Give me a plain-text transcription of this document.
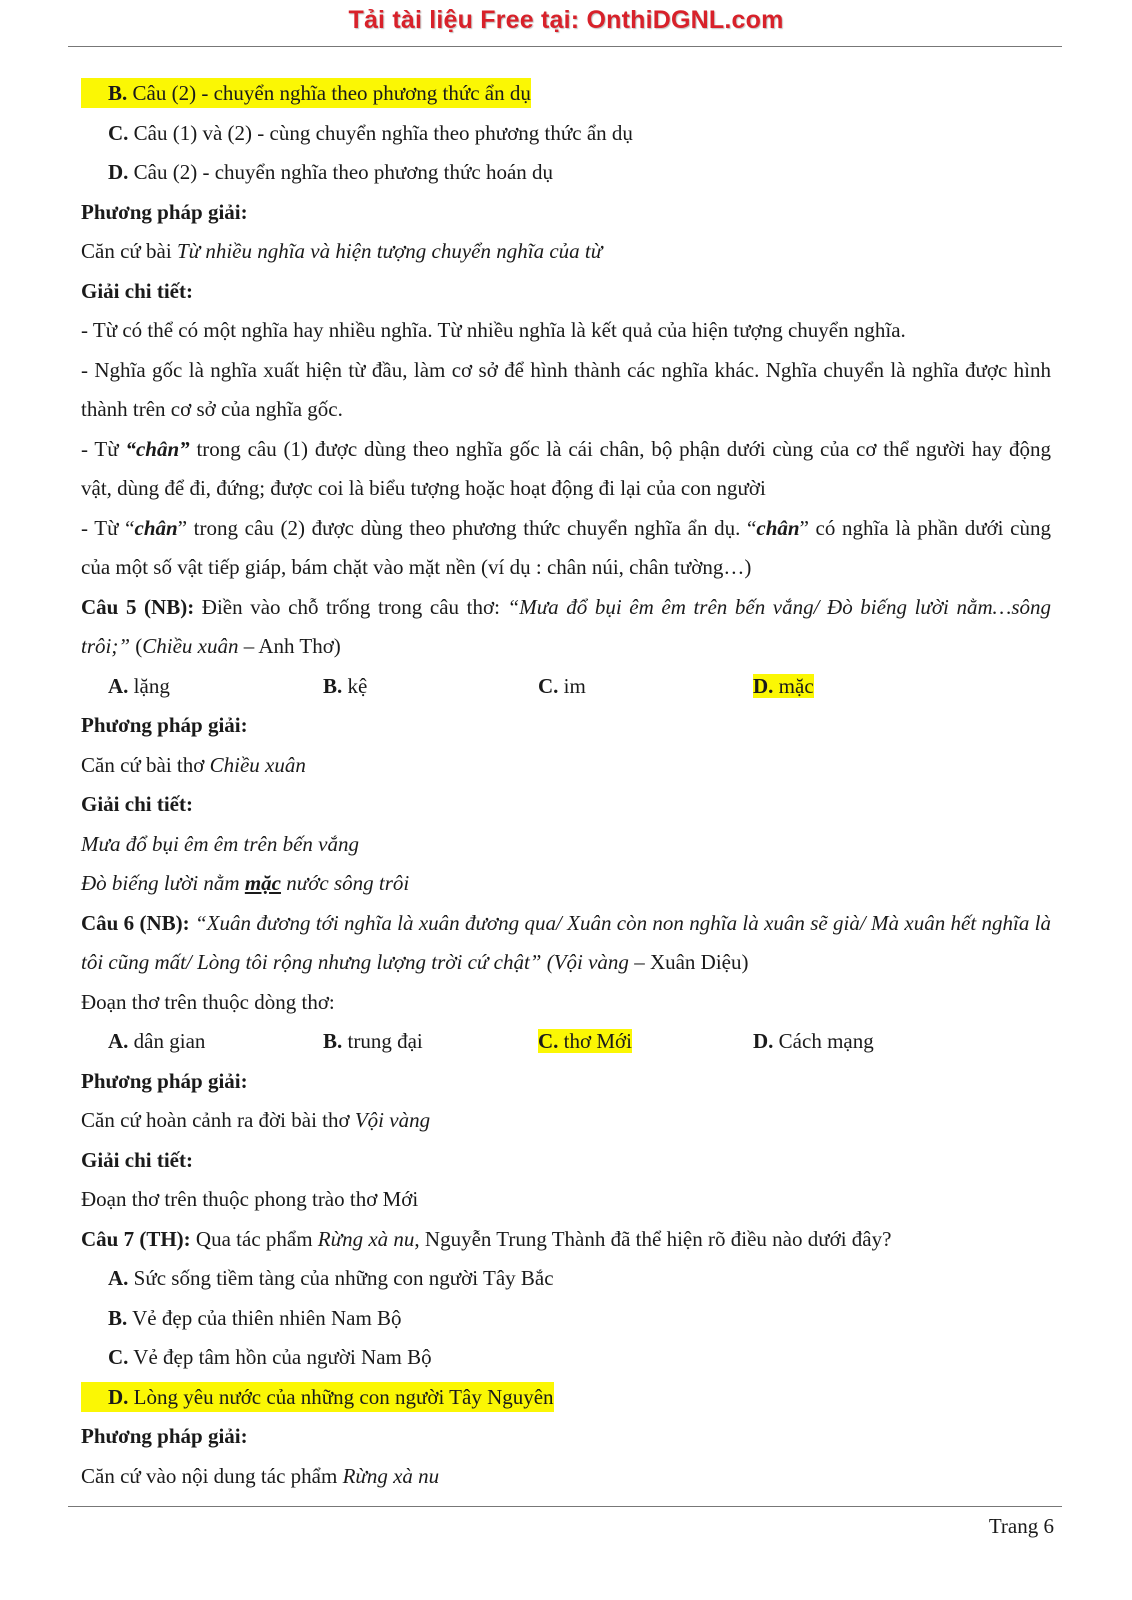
Tải tài liệu Free tại: OnthiDGNL.com

B. Câu (2) - chuyển nghĩa theo phương thức ẩn dụ

C. Câu (1) và (2) - cùng chuyển nghĩa theo phương thức ẩn dụ

D. Câu (2) - chuyển nghĩa theo phương thức hoán dụ

Phương pháp giải:

Căn cứ bài Từ nhiều nghĩa và hiện tượng chuyển nghĩa của từ

Giải chi tiết:

- Từ có thể có một nghĩa hay nhiều nghĩa. Từ nhiều nghĩa là kết quả của hiện tượng chuyển nghĩa.

- Nghĩa gốc là nghĩa xuất hiện từ đầu, làm cơ sở để hình thành các nghĩa khác. Nghĩa chuyển là nghĩa được hình thành trên cơ sở của nghĩa gốc.

- Từ “chân” trong câu (1) được dùng theo nghĩa gốc là cái chân, bộ phận dưới cùng của cơ thể người hay động vật, dùng để đi, đứng; được coi là biểu tượng hoặc hoạt động đi lại của con người

- Từ “chân” trong câu (2) được dùng theo phương thức chuyển nghĩa ẩn dụ. “chân” có nghĩa là phần dưới cùng của một số vật tiếp giáp, bám chặt vào mặt nền (ví dụ : chân núi, chân tường…)

Câu 5 (NB): Điền vào chỗ trống trong câu thơ: “Mưa đổ bụi êm êm trên bến vắng/ Đò biếng lười nằm…sông trôi;” (Chiều xuân – Anh Thơ)

A. lặng	B. kệ	C. im	D. mặc

Phương pháp giải:

Căn cứ bài thơ Chiều xuân

Giải chi tiết:

Mưa đổ bụi êm êm trên bến vắng

Đò biếng lười nằm mặc nước sông trôi

Câu 6 (NB): “Xuân đương tới nghĩa là xuân đương qua/ Xuân còn non nghĩa là xuân sẽ già/ Mà xuân hết nghĩa là tôi cũng mất/ Lòng tôi rộng nhưng lượng trời cứ chật” (Vội vàng – Xuân Diệu)

Đoạn thơ trên thuộc dòng thơ:

A. dân gian	B. trung đại	C. thơ Mới	D. Cách mạng

Phương pháp giải:

Căn cứ hoàn cảnh ra đời bài thơ Vội vàng

Giải chi tiết:

Đoạn thơ trên thuộc phong trào thơ Mới

Câu 7 (TH): Qua tác phẩm Rừng xà nu, Nguyễn Trung Thành đã thể hiện rõ điều nào dưới đây?

A. Sức sống tiềm tàng của những con người Tây Bắc

B. Vẻ đẹp của thiên nhiên Nam Bộ

C. Vẻ đẹp tâm hồn của người Nam Bộ

D. Lòng yêu nước của những con người Tây Nguyên

Phương pháp giải:

Căn cứ vào nội dung tác phẩm Rừng xà nu

Trang 6
